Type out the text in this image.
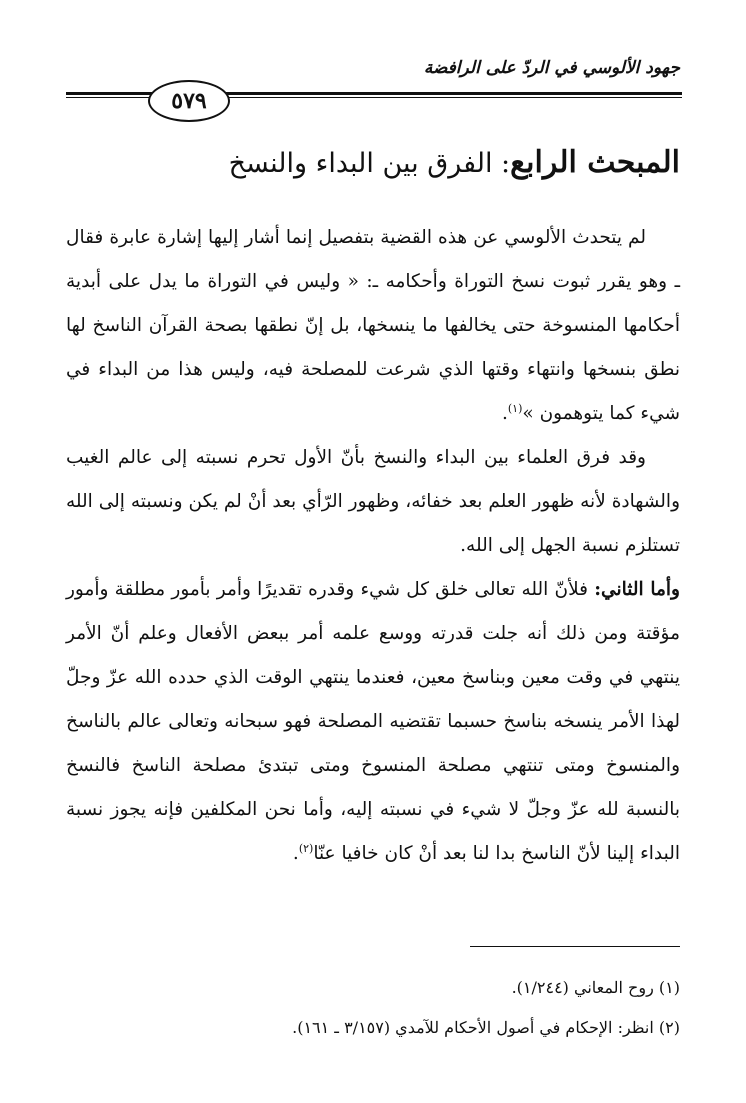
جهود الألوسي في الردّ على الرافضة
٥٧٩
المبحث الرابع: الفرق بين البداء والنسخ

لم يتحدث الألوسي عن هذه القضية بتفصيل إنما أشار إليها إشارة عابرة فقال ـ وهو يقرر ثبوت نسخ التوراة وأحكامه ـ: « وليس في التوراة ما يدل على أبدية أحكامها المنسوخة حتى يخالفها ما ينسخها، بل إنّ نطقها بصحة القرآن الناسخ لها نطق بنسخها وانتهاء وقتها الذي شرعت للمصلحة فيه، وليس هذا من البداء في شيء كما يتوهمون »$^{(١)}$.

وقد فرق العلماء بين البداء والنسخ بأنّ الأول تحرم نسبته إلى عالم الغيب والشهادة لأنه ظهور العلم بعد خفائه، وظهور الرّأي بعد أنْ لم يكن ونسبته إلى الله تستلزم نسبة الجهل إلى الله.

وأما الثاني: فلأنّ الله تعالى خلق كل شيء وقدره تقديرًا وأمر بأمور مطلقة وأمور مؤقتة ومن ذلك أنه جلت قدرته ووسع علمه أمر ببعض الأفعال وعلم أنّ الأمر ينتهي في وقت معين وبناسخ معين، فعندما ينتهي الوقت الذي حدده الله عزّ وجلّ لهذا الأمر ينسخه بناسخ حسبما تقتضيه المصلحة فهو سبحانه وتعالى عالم بالناسخ والمنسوخ ومتى تنتهي مصلحة المنسوخ ومتى تبتدئ مصلحة الناسخ فالنسخ بالنسبة لله عزّ وجلّ لا شيء في نسبته إليه، وأما نحن المكلفين فإنه يجوز نسبة البداء إلينا لأنّ الناسخ بدا لنا بعد أنْ كان خافيا عنّا$^{(٢)}$.

(١) روح المعاني (١/٢٤٤).

(٢) انظر: الإحكام في أصول الأحكام للآمدي (٣/١٥٧ ـ ١٦١).
